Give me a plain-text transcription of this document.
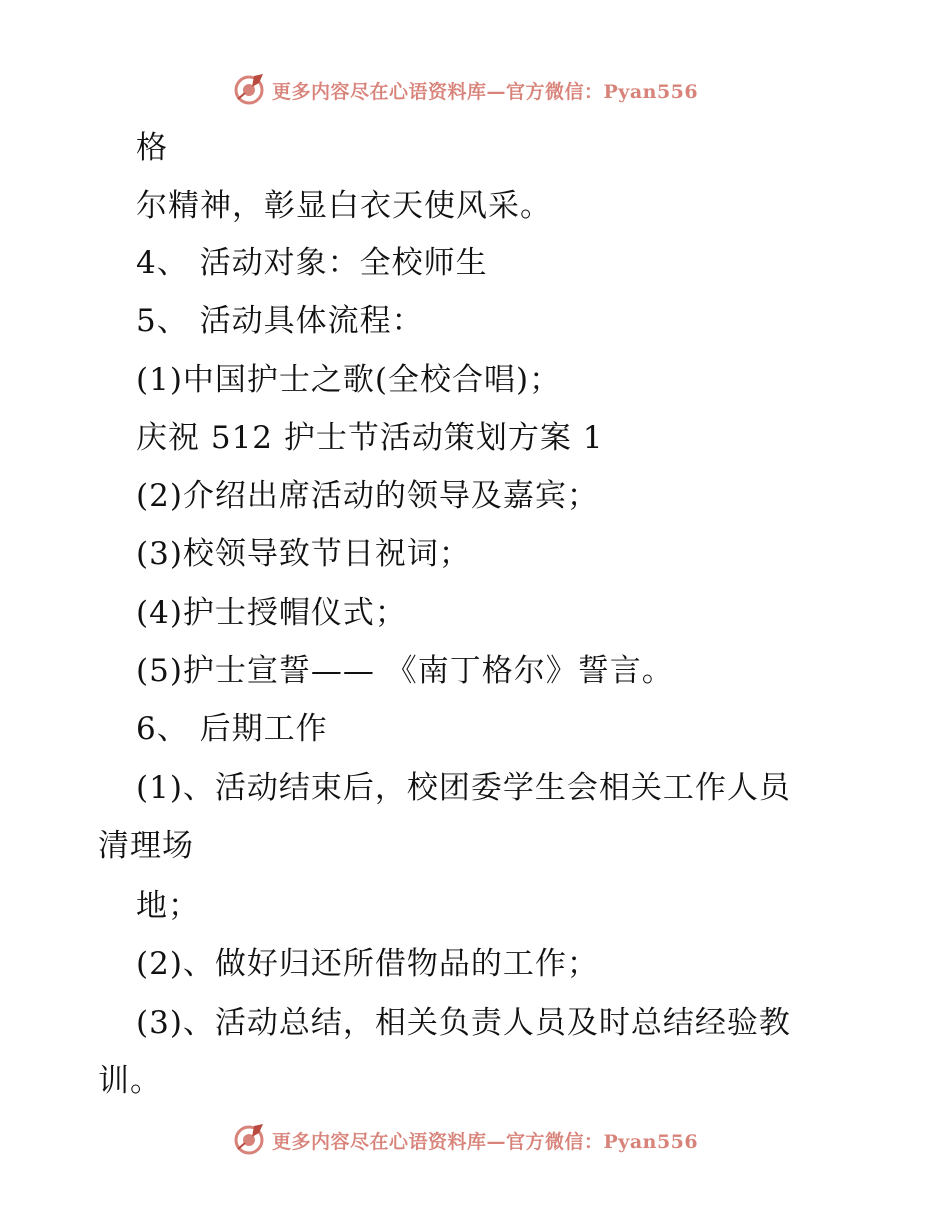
更多内容尽在心语资料库—官方微信：Pyan556
格
尔精神，彰显白衣天使风采。
4、 活动对象：全校师生
5、 活动具体流程：
(1)中国护士之歌(全校合唱)；
庆祝 512 护士节活动策划方案 1
(2)介绍出席活动的领导及嘉宾；
(3)校领导致节日祝词；
(4)护士授帽仪式；
(5)护士宣誓—— 《南丁格尔》誓言。
6、 后期工作
(1)、活动结束后，校团委学生会相关工作人员
清理场
地；
(2)、做好归还所借物品的工作；
(3)、活动总结，相关负责人员及时总结经验教
训。
更多内容尽在心语资料库—官方微信：Pyan556
